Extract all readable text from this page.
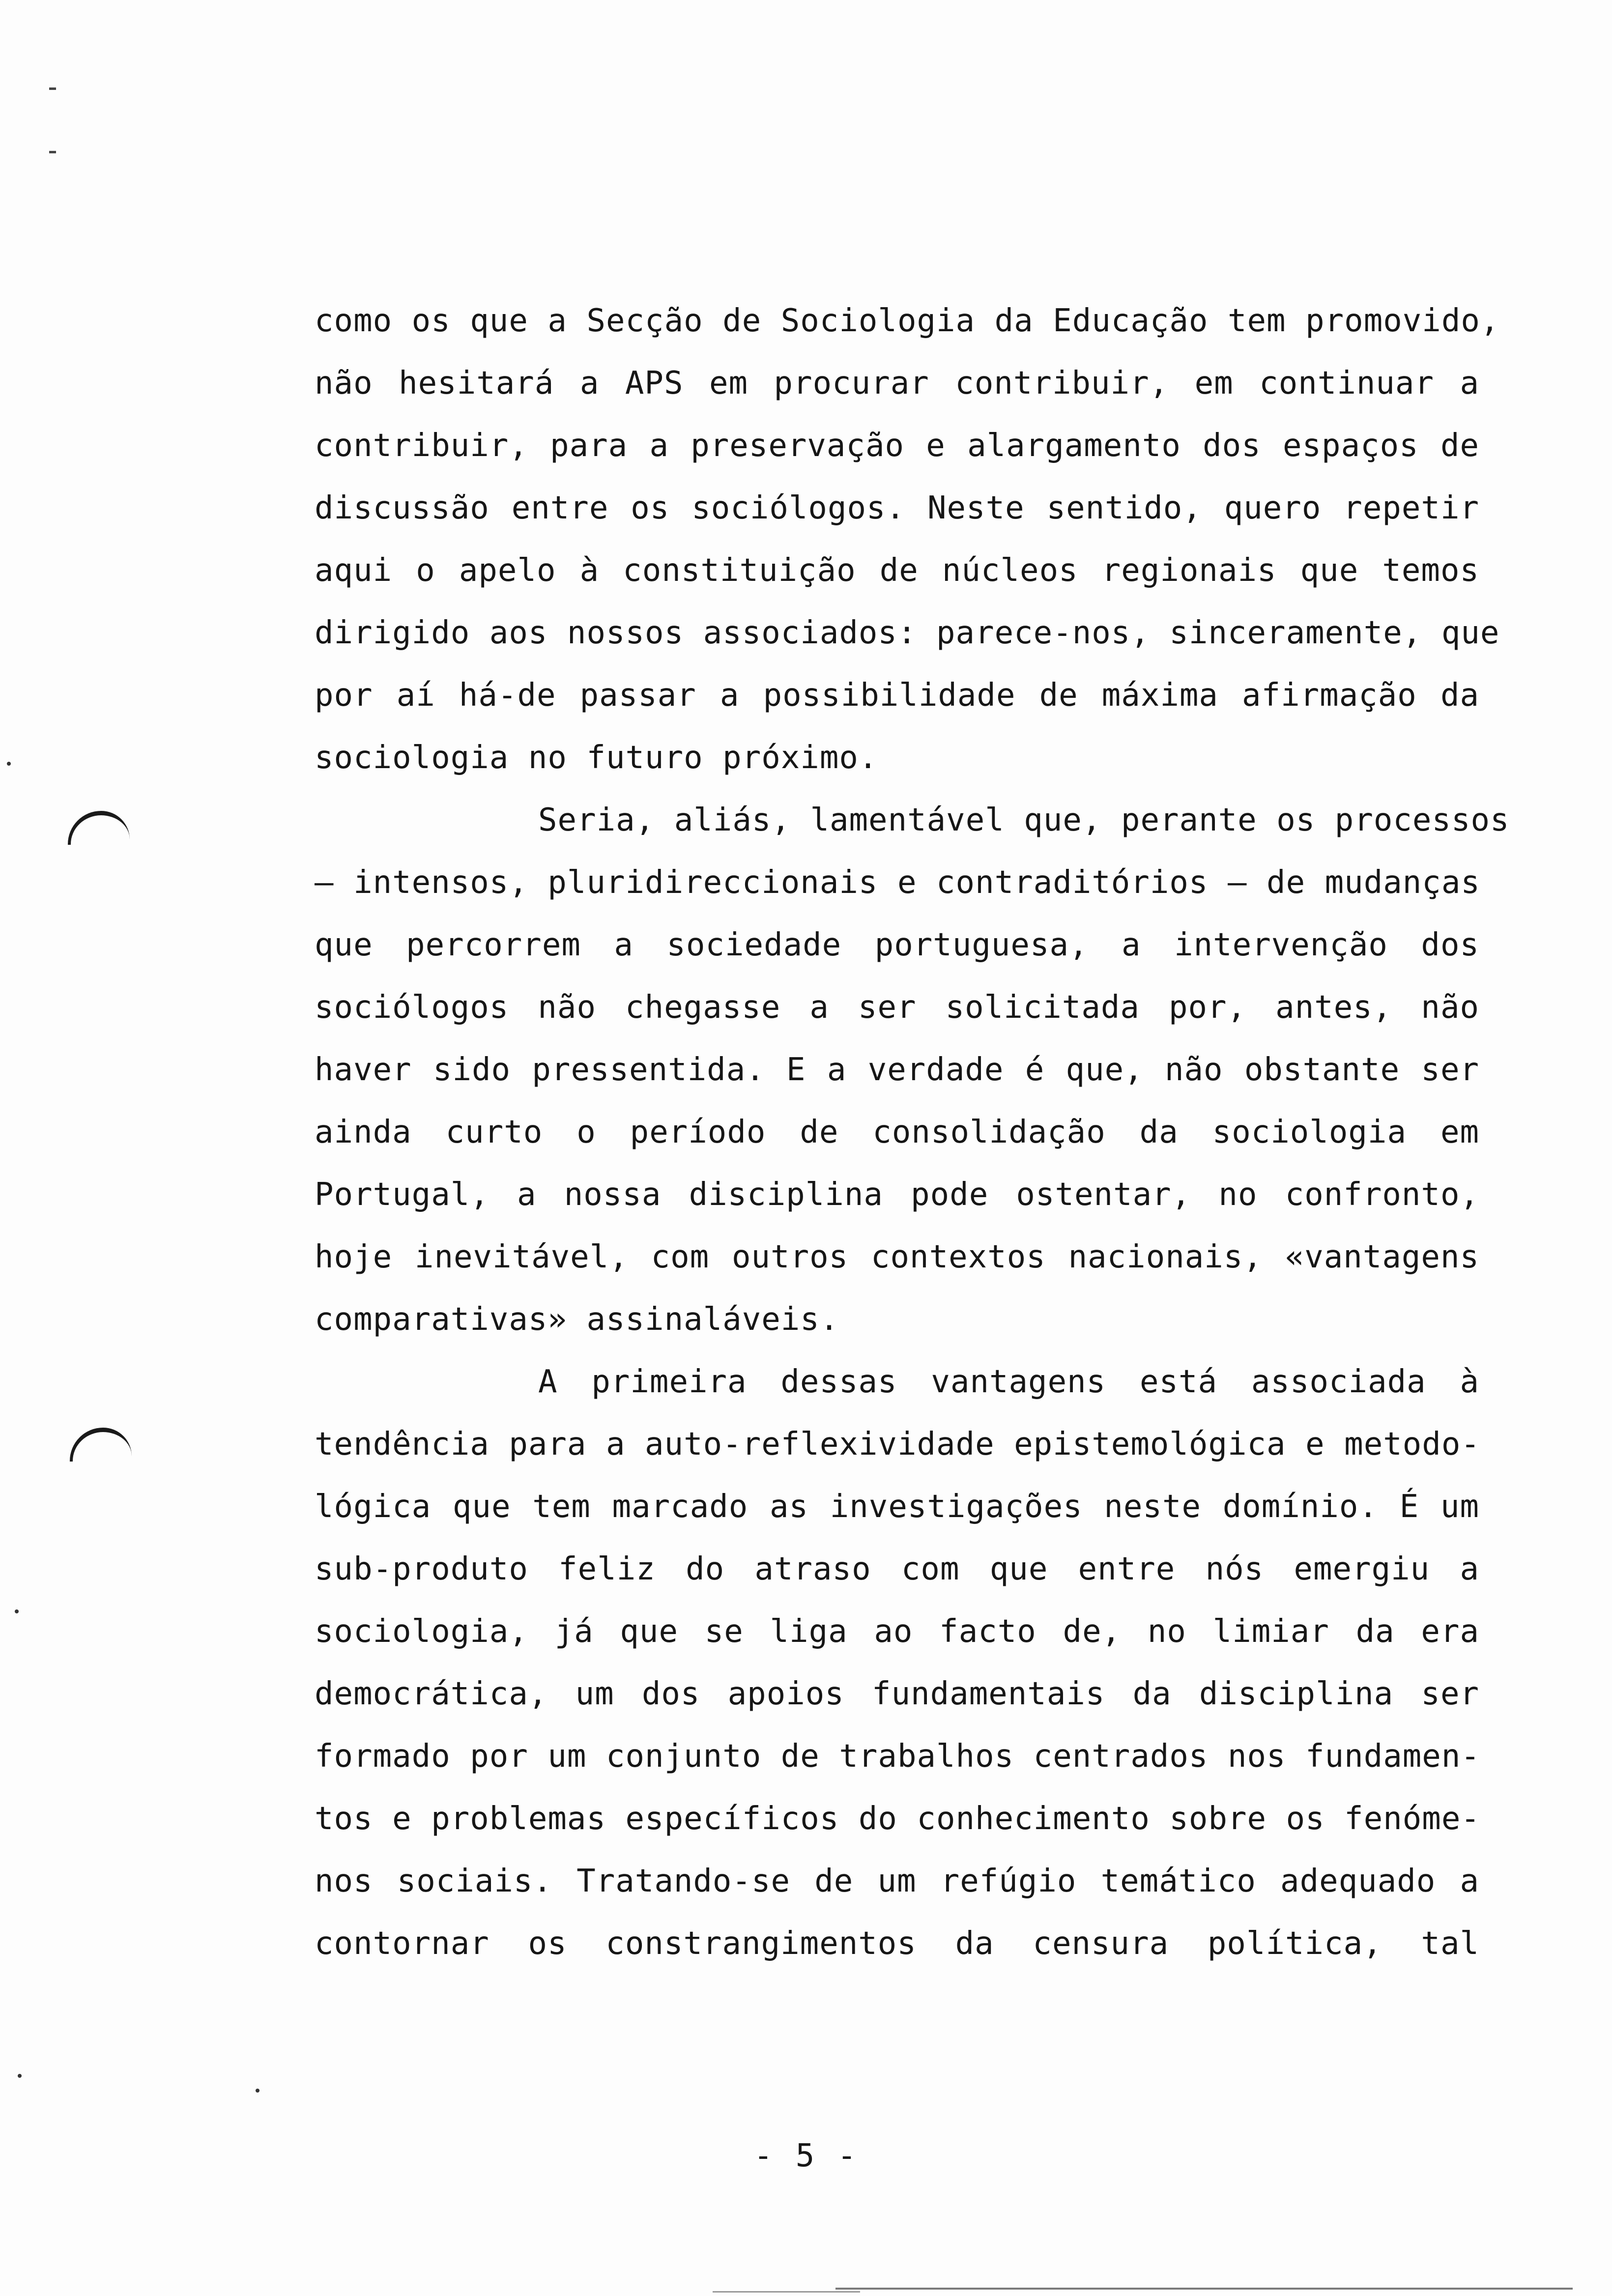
como os que a Secção de Sociologia da Educação tem promovido,
não hesitará a APS em procurar contribuir, em continuar a
contribuir, para a preservação e alargamento dos espaços de
discussão entre os sociólogos. Neste sentido, quero repetir
aqui o apelo à constituição de núcleos regionais que temos
dirigido aos nossos associados: parece-nos, sinceramente, que
por aí há-de passar a possibilidade de máxima afirmação da
sociologia no futuro próximo.
Seria, aliás, lamentável que, perante os processos
— intensos, pluridireccionais e contraditórios — de mudanças
que percorrem a sociedade portuguesa, a intervenção dos
sociólogos não chegasse a ser solicitada por, antes, não
haver sido pressentida. E a verdade é que, não obstante ser
ainda curto o período de consolidação da sociologia em
Portugal, a nossa disciplina pode ostentar, no confronto,
hoje inevitável, com outros contextos nacionais, «vantagens
comparativas» assinaláveis.
A primeira dessas vantagens está associada à
tendência para a auto-reflexividade epistemológica e metodo-
lógica que tem marcado as investigações neste domínio. É um
sub-produto feliz do atraso com que entre nós emergiu a
sociologia, já que se liga ao facto de, no limiar da era
democrática, um dos apoios fundamentais da disciplina ser
formado por um conjunto de trabalhos centrados nos fundamen-
tos e problemas específicos do conhecimento sobre os fenóme-
nos sociais. Tratando-se de um refúgio temático adequado a
contornar os constrangimentos da censura política, tal
- 5 -
